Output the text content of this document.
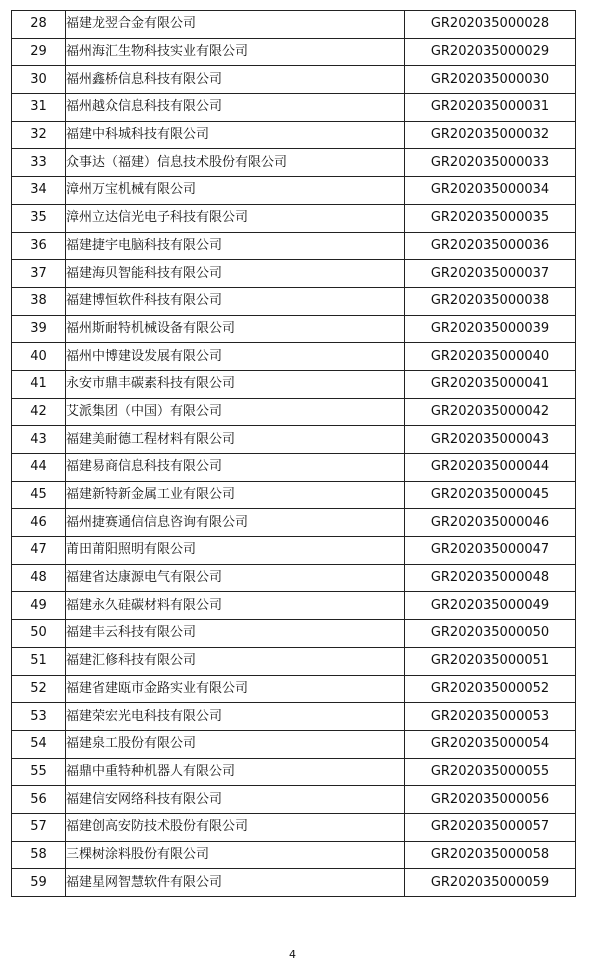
28	福建龙翌合金有限公司	GR202035000028
29	福州海汇生物科技实业有限公司	GR202035000029
30	福州鑫桥信息科技有限公司	GR202035000030
31	福州越众信息科技有限公司	GR202035000031
32	福建中科城科技有限公司	GR202035000032
33	众事达（福建）信息技术股份有限公司	GR202035000033
34	漳州万宝机械有限公司	GR202035000034
35	漳州立达信光电子科技有限公司	GR202035000035
36	福建捷宇电脑科技有限公司	GR202035000036
37	福建海贝智能科技有限公司	GR202035000037
38	福建博恒软件科技有限公司	GR202035000038
39	福州斯耐特机械设备有限公司	GR202035000039
40	福州中博建设发展有限公司	GR202035000040
41	永安市鼎丰碳素科技有限公司	GR202035000041
42	艾派集团（中国）有限公司	GR202035000042
43	福建美耐德工程材料有限公司	GR202035000043
44	福建易商信息科技有限公司	GR202035000044
45	福建新特新金属工业有限公司	GR202035000045
46	福州捷赛通信信息咨询有限公司	GR202035000046
47	莆田莆阳照明有限公司	GR202035000047
48	福建省达康源电气有限公司	GR202035000048
49	福建永久硅碳材料有限公司	GR202035000049
50	福建丰云科技有限公司	GR202035000050
51	福建汇修科技有限公司	GR202035000051
52	福建省建瓯市金路实业有限公司	GR202035000052
53	福建荣宏光电科技有限公司	GR202035000053
54	福建泉工股份有限公司	GR202035000054
55	福鼎中重特种机器人有限公司	GR202035000055
56	福建信安网络科技有限公司	GR202035000056
57	福建创高安防技术股份有限公司	GR202035000057
58	三棵树涂料股份有限公司	GR202035000058
59	福建星网智慧软件有限公司	GR202035000059
4
